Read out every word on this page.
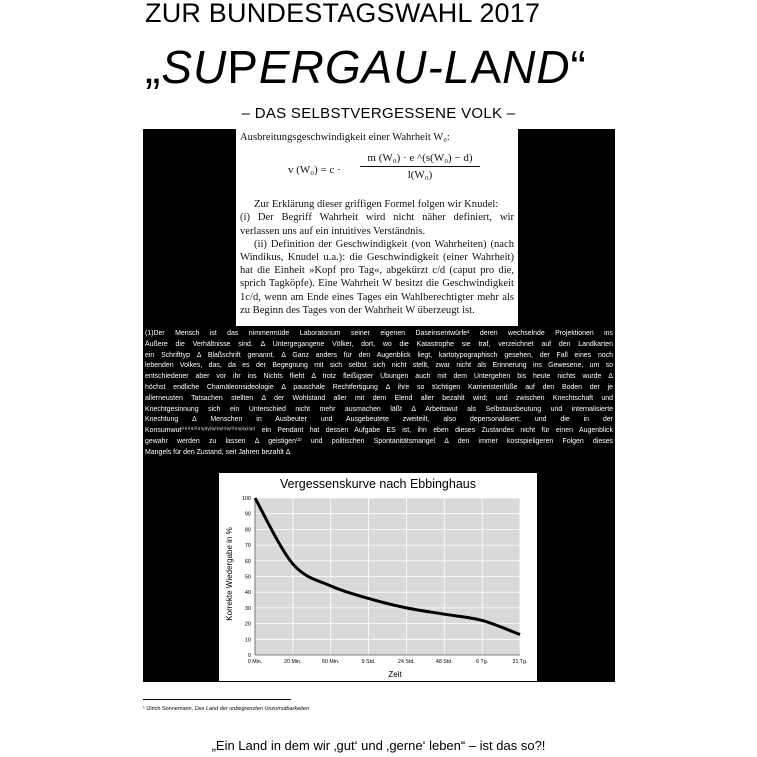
ZUR BUNDESTAGSWAHL 2017
„SUPERGAU-LAND“
– DAS SELBSTVERGESSENE VOLK –

Ausbreitungsgeschwindigkeit einer Wahrheit W₀:

v $(W_0) = c \cdot \frac{\text{m (W₀) · e \textasciicircum{}(s(W₀) − d)}}{\text{l(W₀)}}$

Zur Erklärung dieser griffigen Formel folgen wir Knudel:

(i) Der Begriff Wahrheit wird nicht näher definiert, wir verlassen uns auf ein intuitives Verständnis.

(ii) Definition der Geschwindigkeit (von Wahrheiten) (nach Windikus, Knudel u.a.): die Geschwindigkeit (einer Wahrheit) hat die Einheit »Kopf pro Tag«, abgekürzt c/d (caput pro die, sprich Tagköpfe). Eine Wahrheit W besitzt die Geschwindigkeit 1c/d, wenn am Ende eines Tages ein Wahlberechtigter mehr als zu Beginn des Tages von der Wahrheit W überzeugt ist.

(1)Der Mensch ist das nimmermüde Laboratorium seiner eigenen Daseinsentwürfe¹ deren wechselnde Projektionen ins
Äußere die Verhältnisse sind. Δ Untergegangene Völker, dort, wo die Katastrophe sie traf, verzeichnet auf den Landkarten
ein Schrifttyp Δ Blaßschrift genannt. Δ Ganz anders für den Augenblick liegt, kartotypographisch gesehen, der Fall eines noch
lebenden Volkes, das, da es der Begegnung mit sich selbst sich nicht stellt, zwar nicht als Erinnerung ins Gewesene, um so
entschiedener aber vor ihr ins Nichts flieht Δ trotz fleißigster Übungen auch mit dem Untergehen bis heute nichts wurde Δ
höchst endliche Chamäleonsideologie Δ pauschale Rechtfertigung Δ ihre so tüchtigen Karrieristenfüße auf den Boden der je
allerneusten Tatsachen stellten Δ der Wohlstand aller mit dem Elend aller bezahlt wird; und zwischen Knechtschaft und
Knechtgesinnung sich ein Unterschied nicht mehr ausmachen läßt Δ Arbeitswut als Selbstausbeutung und internalisierte
Knechtung Δ Menschen in Ausbeuter und Ausgebeutete zweiteilt, also depersonalisiert; und die in der
Konsumwut⁽ⁱ⁾⁽ⁱⁱ⁾⁽ⁱⁱⁱ⁾⁽ⁱᵛ⁾⁽ᵛ⁾⁽ᵛⁱ⁾⁽ᵛⁱⁱ⁾⁽ᵛⁱⁱⁱ⁾⁽ⁱˣ⁾⁽ˣ⁾⁽ˣⁱ⁾ ein Pendant hat dessen Aufgabe ES ist, ihn eben dieses Zustandes nicht für einen Augenblick
gewahr werden zu lassen Δ geistigen⁽²⁾ und politischen Spontanitätsmangel Δ den immer kostspieligeren Folgen dieses
Mangels für den Zustand, seit Jahren bezahlt Δ
Vergessenskurve nach Ebbinghaus
0
10
20
30
40
50
60
70
80
90
100
0 Min.	20 Min.	60 Min.	9 Std.	24 Std.	48 Std.	6 Tg.	31 Tg.
Zeit
Korrekte Wiedergabe in %
¹ Ulrich Sonnemann, Das Land der unbegrenzten Unzumutbarkeiten
„Ein Land in dem wir ‚gut‘ und ‚gerne‘ leben“ – ist das so?!
